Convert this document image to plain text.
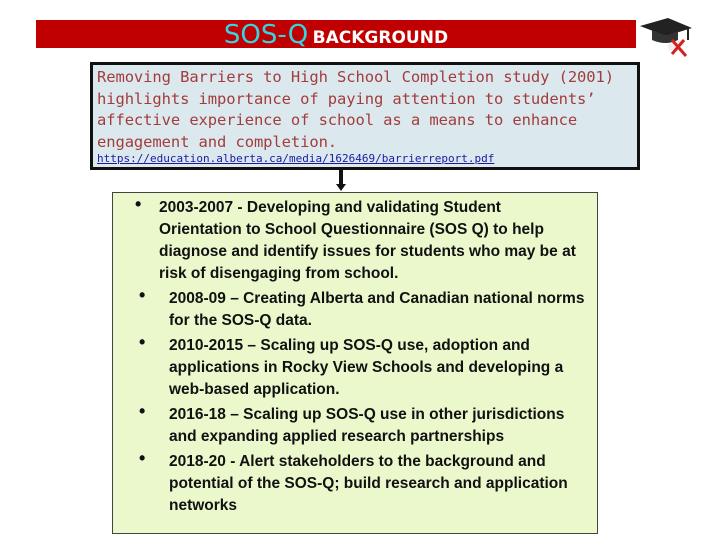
SOS-Q BACKGROUND
Removing Barriers to High School Completion study (2001) highlights importance of paying attention to students’ affective experience of school as a means to enhance engagement and completion.
https://education.alberta.ca/media/1626469/barrierreport.pdf
• 2003-2007 - Developing and validating Student Orientation to School Questionnaire (SOS Q) to help diagnose and identify issues for students who may be at risk of disengaging from school.
• 2008-09 – Creating Alberta and Canadian national norms for the SOS-Q data.
• 2010-2015 – Scaling up SOS-Q use, adoption and applications in Rocky View Schools and developing a web-based application.
• 2016-18 – Scaling up SOS-Q use in other jurisdictions and expanding applied research partnerships
• 2018-20 - Alert stakeholders to the background and potential of the SOS-Q; build research and application networks
